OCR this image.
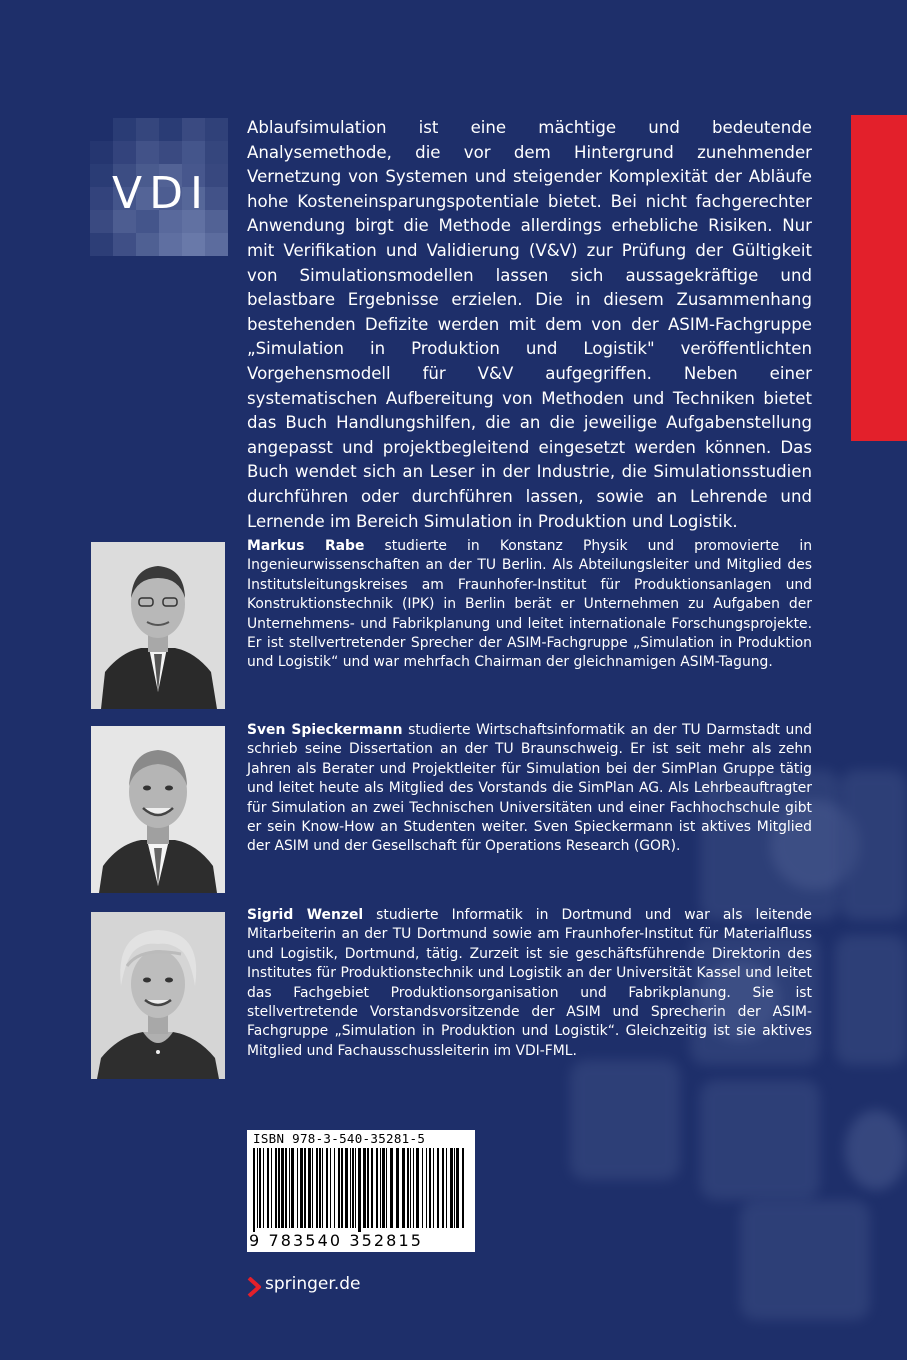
VDI

Ablaufsimulation ist eine mächtige und bedeutende Analysemethode, die vor dem Hintergrund zunehmender Vernetzung von Systemen und steigender Komplexität der Abläufe hohe Kosteneinsparungspotentiale bietet. Bei nicht fachgerechter Anwendung birgt die Methode allerdings erhebliche Risiken. Nur mit Verifikation und Validierung (V&V) zur Prüfung der Gültigkeit von Simulationsmodellen lassen sich aussagekräftige und belastbare Ergebnisse erzielen. Die in diesem Zusammenhang bestehenden Defizite werden mit dem von der ASIM-Fachgruppe „Simulation in Produktion und Logistik" veröffentlichten Vorgehensmodell für V&V aufgegriffen. Neben einer systematischen Aufbereitung von Methoden und Techniken bietet das Buch Handlungshilfen, die an die jeweilige Aufgabenstellung angepasst und projektbegleitend eingesetzt werden können. Das Buch wendet sich an Leser in der Industrie, die Simulationsstudien durchführen oder durchführen lassen, sowie an Lehrende und Lernende im Bereich Simulation in Produktion und Logistik.

Markus Rabe studierte in Konstanz Physik und promovierte in Ingenieurwissenschaften an der TU Berlin. Als Abteilungsleiter und Mitglied des Institutsleitungskreises am Fraunhofer-Institut für Produktionsanlagen und Konstruktionstechnik (IPK) in Berlin berät er Unternehmen zu Aufgaben der Unternehmens- und Fabrikplanung und leitet internationale Forschungsprojekte. Er ist stellvertretender Sprecher der ASIM-Fachgruppe „Simulation in Produktion und Logistik“ und war mehrfach Chairman der gleichnamigen ASIM-Tagung.

Sven Spieckermann studierte Wirtschaftsinformatik an der TU Darmstadt und schrieb seine Dissertation an der TU Braunschweig. Er ist seit mehr als zehn Jahren als Berater und Projektleiter für Simulation bei der SimPlan Gruppe tätig und leitet heute als Mitglied des Vorstands die SimPlan AG. Als Lehrbeauftragter für Simulation an zwei Technischen Universitäten und einer Fachhochschule gibt er sein Know-How an Studenten weiter. Sven Spieckermann ist aktives Mitglied der ASIM und der Gesellschaft für Operations Research (GOR).

Sigrid Wenzel studierte Informatik in Dortmund und war als leitende Mitarbeiterin an der TU Dortmund sowie am Fraunhofer-Institut für Materialfluss und Logistik, Dortmund, tätig. Zurzeit ist sie geschäftsführende Direktorin des Institutes für Produktionstechnik und Logistik an der Universität Kassel und leitet das Fachgebiet Produktionsorganisation und Fabrikplanung. Sie ist stellvertretende Vorstandsvorsitzende der ASIM und Sprecherin der ASIM-Fachgruppe „Simulation in Produktion und Logistik“. Gleichzeitig ist sie aktives Mitglied und Fachausschussleiterin im VDI-FML.

ISBN 978-3-540-35281-5
9 783540 352815
springer.de
